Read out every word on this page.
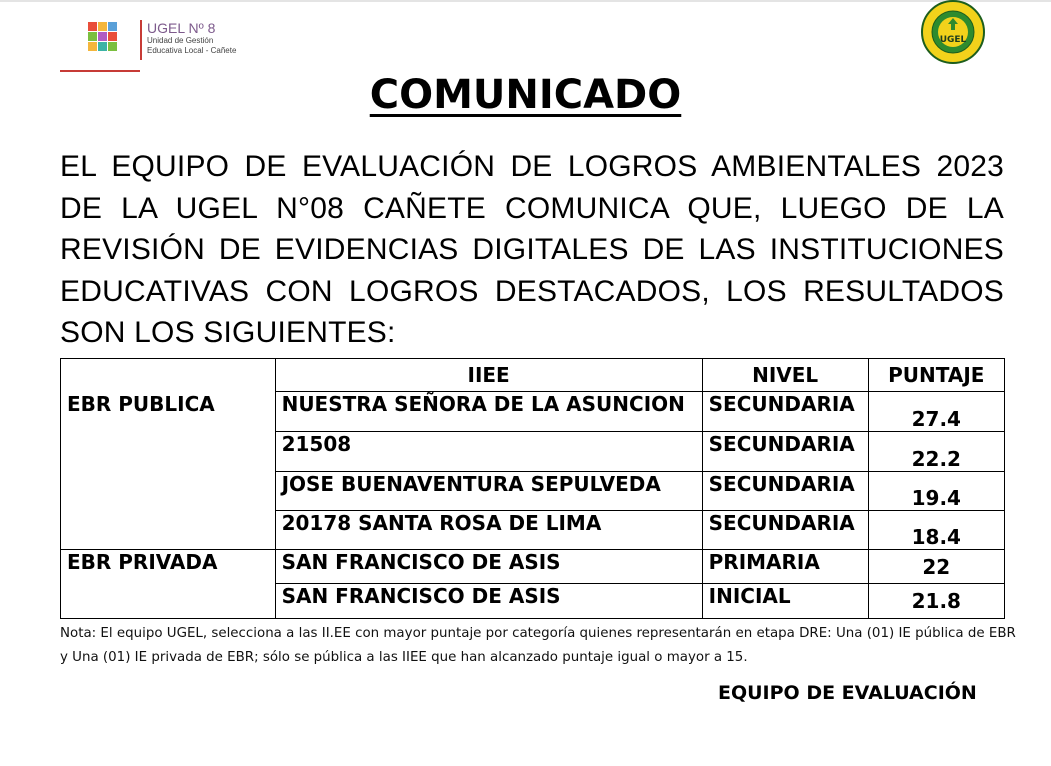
UGEL Nº 8
Unidad de Gestión
Educativa Local - Cañete
UGEL
COMUNICADO
EL EQUIPO DE EVALUACIÓN DE LOGROS AMBIENTALES 2023 DE LA UGEL N°08 CAÑETE COMUNICA QUE, LUEGO DE LA REVISIÓN DE EVIDENCIAS DIGITALES DE LAS INSTITUCIONES EDUCATIVAS CON LOGROS DESTACADOS, LOS RESULTADOS SON LOS SIGUIENTES:
	IIEE	NIVEL	PUNTAJE
EBR PUBLICA	NUESTRA SEÑORA DE LA ASUNCION	SECUNDARIA	27.4
	21508	SECUNDARIA	22.2
	JOSE BUENAVENTURA SEPULVEDA	SECUNDARIA	19.4
	20178 SANTA ROSA DE LIMA	SECUNDARIA	18.4
EBR PRIVADA	SAN FRANCISCO DE ASIS	PRIMARIA	22
	SAN FRANCISCO DE ASIS	INICIAL	21.8
Nota: El equipo UGEL, selecciona a las II.EE con mayor puntaje por categoría quienes representarán en etapa DRE: Una (01) IE pública de EBR y Una (01) IE privada de EBR; sólo se pública a las IIEE que han alcanzado puntaje igual o mayor a 15.
EQUIPO DE EVALUACIÓN
